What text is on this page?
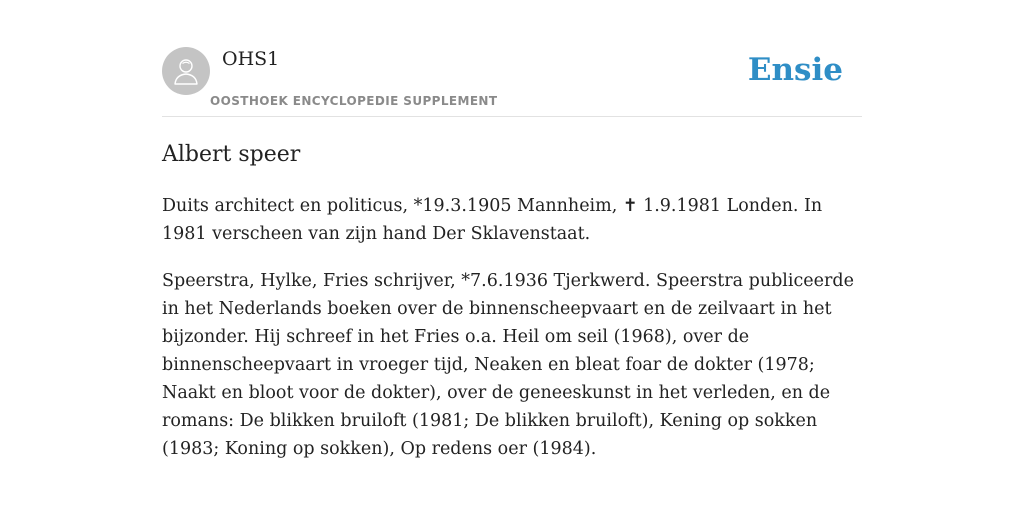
OHS1
OOSTHOEK ENCYCLOPEDIE SUPPLEMENT
Ensie
Albert speer

Duits architect en politicus, *19.3.1905 Mannheim, ✝ 1.9.1981 Londen. In 1981 verscheen van zijn hand Der Sklavenstaat.

Speerstra, Hylke, Fries schrijver, *7.6.1936 Tjerkwerd. Speerstra publiceerde in het Nederlands boeken over de binnenscheepvaart en de zeilvaart in het bijzonder. Hij schreef in het Fries o.a. Heil om seil (1968), over de binnenscheepvaart in vroeger tijd, Neaken en bleat foar de dokter (1978; Naakt en bloot voor de dokter), over de geneeskunst in het verleden, en de romans: De blikken bruiloft (1981; De blikken bruiloft), Kening op sokken (1983; Koning op sokken), Op redens oer (1984).
